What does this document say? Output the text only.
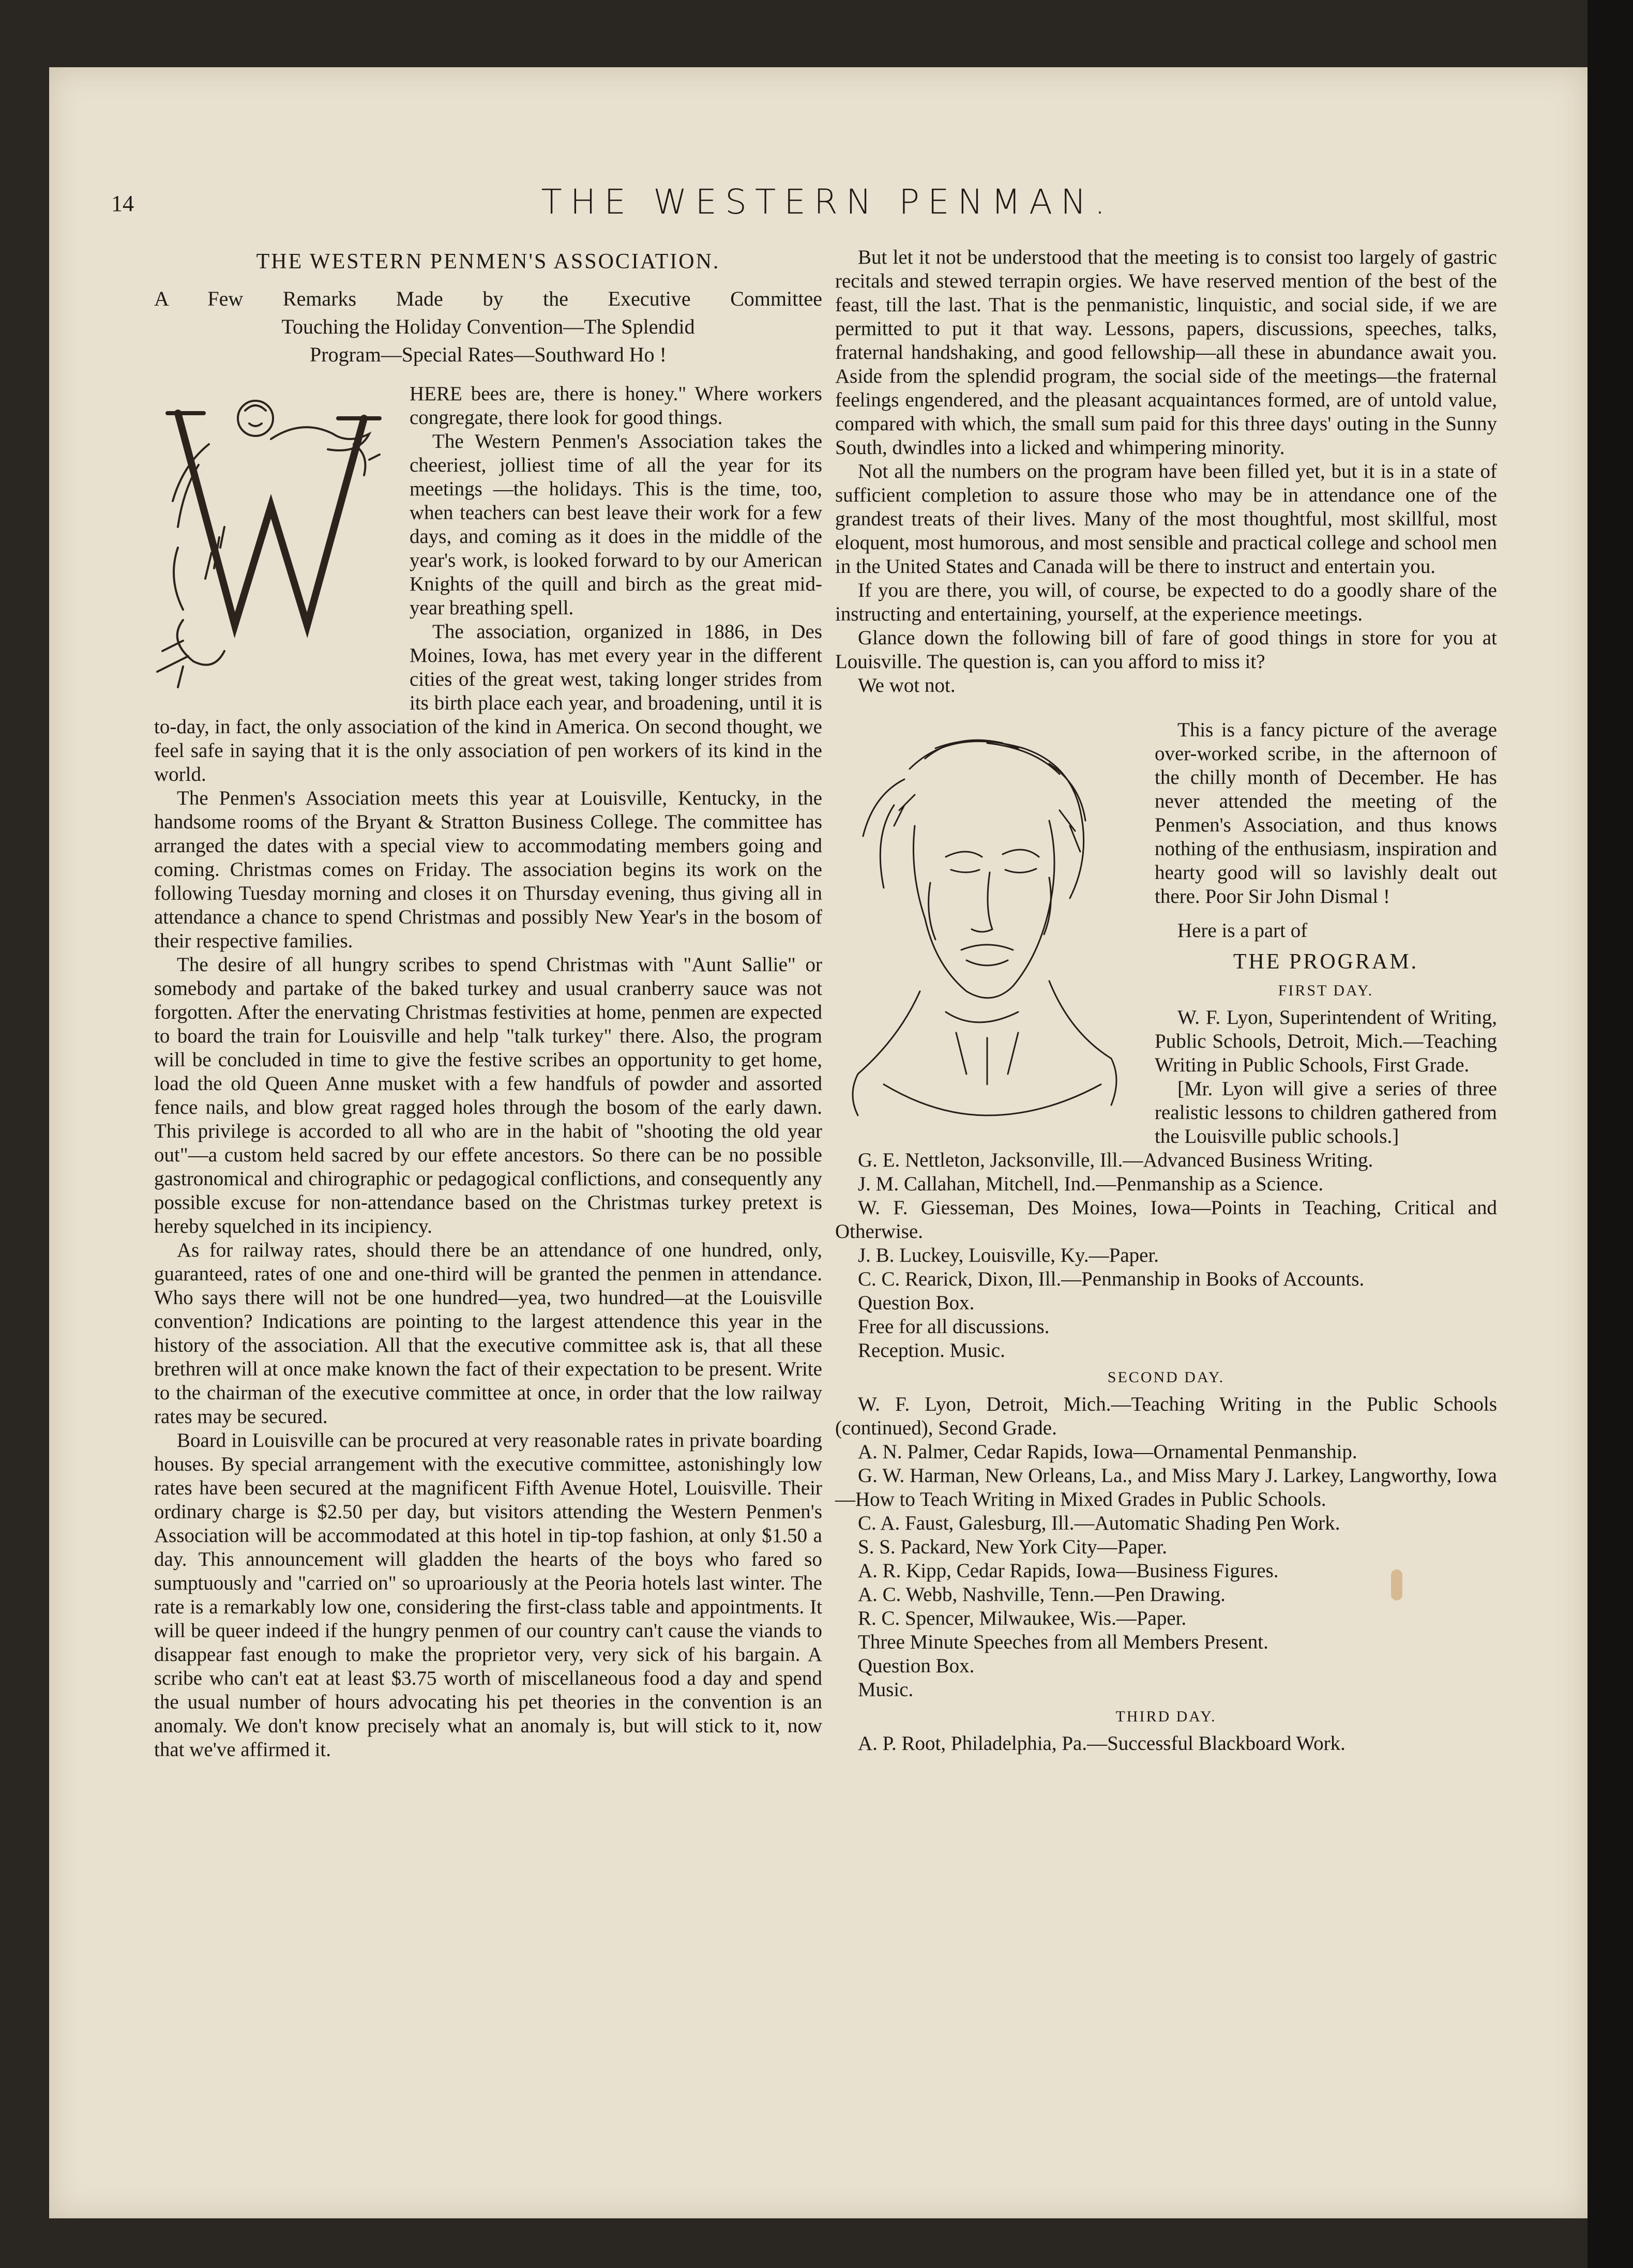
14	THE WESTERN PENMAN.
THE WESTERN PENMEN'S ASSOCIATION.
A Few Remarks Made by the Executive Committee
Touching the Holiday Convention—The Splendid
Program—Special Rates—Southward Ho !

HERE bees are, there is honey." Where workers congregate, there look for good things.

The Western Penmen's Association takes the cheeriest, jolliest time of all the year for its meetings —the holidays. This is the time, too, when teachers can best leave their work for a few days, and coming as it does in the middle of the year's work, is looked forward to by our American Knights of the quill and birch as the great mid-year breathing spell.

The association, organized in 1886, in Des Moines, Iowa, has met every year in the different cities of the great west, taking longer strides from its birth place each year, and broadening, until it is to-day, in fact, the only association of the kind in America. On second thought, we feel safe in saying that it is the only association of pen workers of its kind in the world.

The Penmen's Association meets this year at Louisville, Kentucky, in the handsome rooms of the Bryant & Stratton Business College. The committee has arranged the dates with a special view to accommodating members going and coming. Christmas comes on Friday. The association begins its work on the following Tuesday morning and closes it on Thursday evening, thus giving all in attendance a chance to spend Christmas and possibly New Year's in the bosom of their respective families.

The desire of all hungry scribes to spend Christmas with "Aunt Sallie" or somebody and partake of the baked turkey and usual cranberry sauce was not forgotten. After the enervating Christmas festivities at home, penmen are expected to board the train for Louisville and help "talk turkey" there. Also, the program will be concluded in time to give the festive scribes an opportunity to get home, load the old Queen Anne musket with a few handfuls of powder and assorted fence nails, and blow great ragged holes through the bosom of the early dawn. This privilege is accorded to all who are in the habit of "shooting the old year out"—a custom held sacred by our effete ancestors. So there can be no possible gastronomical and chirographic or pedagogical conflictions, and consequently any possible excuse for non-attendance based on the Christmas turkey pretext is hereby squelched in its incipiency.

As for railway rates, should there be an attendance of one hundred, only, guaranteed, rates of one and one-third will be granted the penmen in attendance. Who says there will not be one hundred—yea, two hundred—at the Louisville convention? Indications are pointing to the largest attendence this year in the history of the association. All that the executive committee ask is, that all these brethren will at once make known the fact of their expectation to be present. Write to the chairman of the executive committee at once, in order that the low railway rates may be secured.

Board in Louisville can be procured at very reasonable rates in private boarding houses. By special arrangement with the executive committee, astonishingly low rates have been secured at the magnificent Fifth Avenue Hotel, Louisville. Their ordinary charge is $2.50 per day, but visitors attending the Western Penmen's Association will be accommodated at this hotel in tip-top fashion, at only $1.50 a day. This announcement will gladden the hearts of the boys who fared so sumptuously and "carried on" so uproariously at the Peoria hotels last winter. The rate is a remarkably low one, considering the first-class table and appointments. It will be queer indeed if the hungry penmen of our country can't cause the viands to disappear fast enough to make the proprietor very, very sick of his bargain. A scribe who can't eat at least $3.75 worth of miscellaneous food a day and spend the usual number of hours advocating his pet theories in the convention is an anomaly. We don't know precisely what an anomaly is, but will stick to it, now that we've affirmed it.

But let it not be understood that the meeting is to consist too largely of gastric recitals and stewed terrapin orgies. We have reserved mention of the best of the feast, till the last. That is the penmanistic, linquistic, and social side, if we are permitted to put it that way. Lessons, papers, discussions, speeches, talks, fraternal handshaking, and good fellowship—all these in abundance await you. Aside from the splendid program, the social side of the meetings—the fraternal feelings engendered, and the pleasant acquaintances formed, are of untold value, compared with which, the small sum paid for this three days' outing in the Sunny South, dwindles into a licked and whimpering minority.

Not all the numbers on the program have been filled yet, but it is in a state of sufficient completion to assure those who may be in attendance one of the grandest treats of their lives. Many of the most thoughtful, most skillful, most eloquent, most humorous, and most sensible and practical college and school men in the United States and Canada will be there to instruct and entertain you.

If you are there, you will, of course, be expected to do a goodly share of the instructing and entertaining, yourself, at the experience meetings.

Glance down the following bill of fare of good things in store for you at Louisville. The question is, can you afford to miss it?

We wot not.

This is a fancy picture of the average over-worked scribe, in the afternoon of the chilly month of December. He has never attended the meeting of the Penmen's Association, and thus knows nothing of the enthusiasm, inspiration and hearty good will so lavishly dealt out there. Poor Sir John Dismal !

Here is a part of

THE PROGRAM.
FIRST DAY.

W. F. Lyon, Superintendent of Writing, Public Schools, Detroit, Mich.—Teaching Writing in Public Schools, First Grade.

[Mr. Lyon will give a series of three realistic lessons to children gathered from the Louisville public schools.]

G. E. Nettleton, Jacksonville, Ill.—Advanced Business Writing.

J. M. Callahan, Mitchell, Ind.—Penmanship as a Science.

W. F. Giesseman, Des Moines, Iowa—Points in Teaching, Critical and Otherwise.

J. B. Luckey, Louisville, Ky.—Paper.

C. C. Rearick, Dixon, Ill.—Penmanship in Books of Accounts.

Question Box.

Free for all discussions.

Reception. Music.

SECOND DAY.

W. F. Lyon, Detroit, Mich.—Teaching Writing in the Public Schools (continued), Second Grade.

A. N. Palmer, Cedar Rapids, Iowa—Ornamental Penmanship.

G. W. Harman, New Orleans, La., and Miss Mary J. Larkey, Langworthy, Iowa—How to Teach Writing in Mixed Grades in Public Schools.

C. A. Faust, Galesburg, Ill.—Automatic Shading Pen Work.

S. S. Packard, New York City—Paper.

A. R. Kipp, Cedar Rapids, Iowa—Business Figures.

A. C. Webb, Nashville, Tenn.—Pen Drawing.

R. C. Spencer, Milwaukee, Wis.—Paper.

Three Minute Speeches from all Members Present.

Question Box.

Music.

THIRD DAY.

A. P. Root, Philadelphia, Pa.—Successful Blackboard Work.
